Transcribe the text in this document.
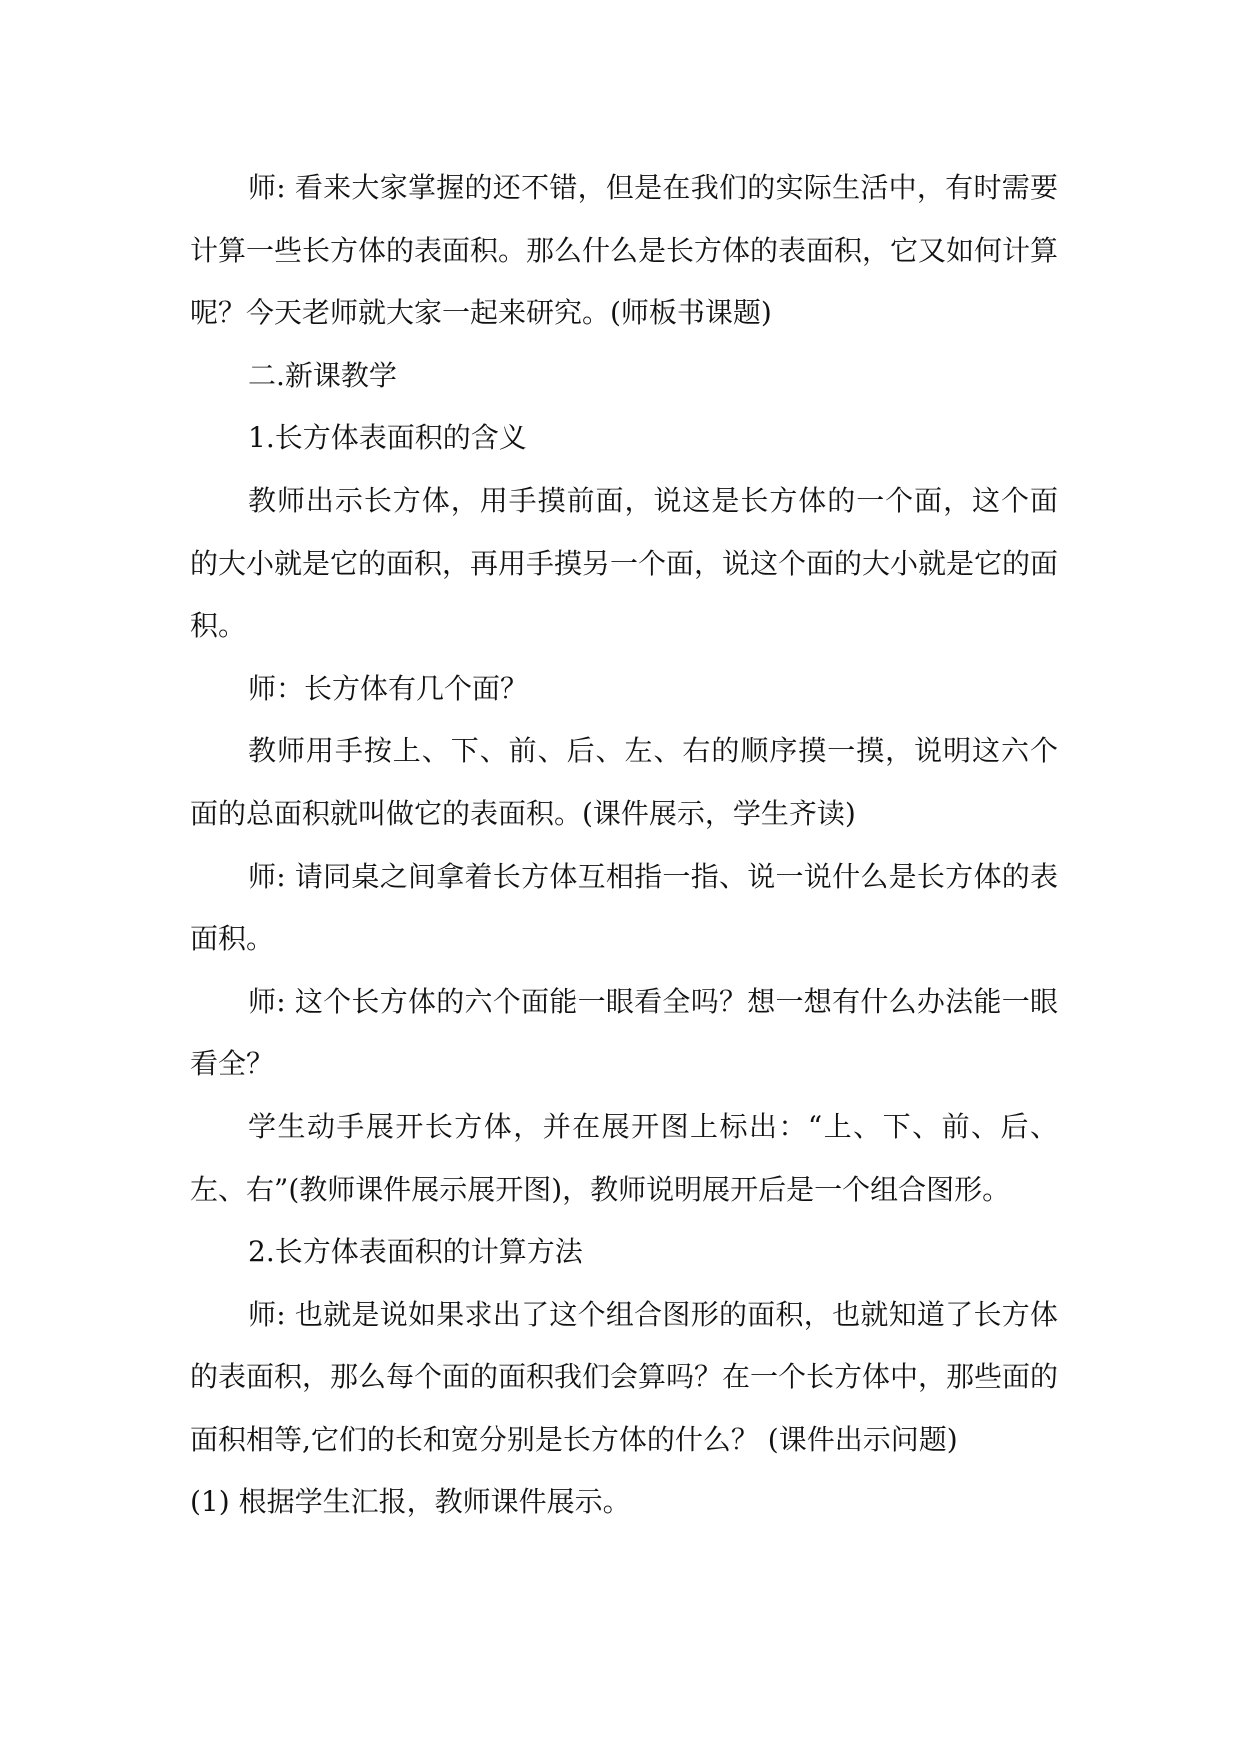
师: 看来大家掌握的还不错，但是在我们的实际生活中，有时需要计算一些长方体的表面积。那么什么是长方体的表面积，它又如何计算呢？今天老师就大家一起来研究。(师板书课题)

二.新课教学

1.长方体表面积的含义

教师出示长方体，用手摸前面，说这是长方体的一个面，这个面的大小就是它的面积，再用手摸另一个面，说这个面的大小就是它的面积。

师：长方体有几个面？

教师用手按上、下、前、后、左、右的顺序摸一摸，说明这六个面的总面积就叫做它的表面积。(课件展示，学生齐读)

师: 请同桌之间拿着长方体互相指一指、说一说什么是长方体的表面积。

师: 这个长方体的六个面能一眼看全吗？想一想有什么办法能一眼看全？

学生动手展开长方体，并在展开图上标出：“上、下、前、后、左、右”(教师课件展示展开图)，教师说明展开后是一个组合图形。

2.长方体表面积的计算方法

师: 也就是说如果求出了这个组合图形的面积，也就知道了长方体的表面积，那么每个面的面积我们会算吗？在一个长方体中，那些面的面积相等,它们的长和宽分别是长方体的什么？ (课件出示问题)

(1) 根据学生汇报，教师课件展示。
